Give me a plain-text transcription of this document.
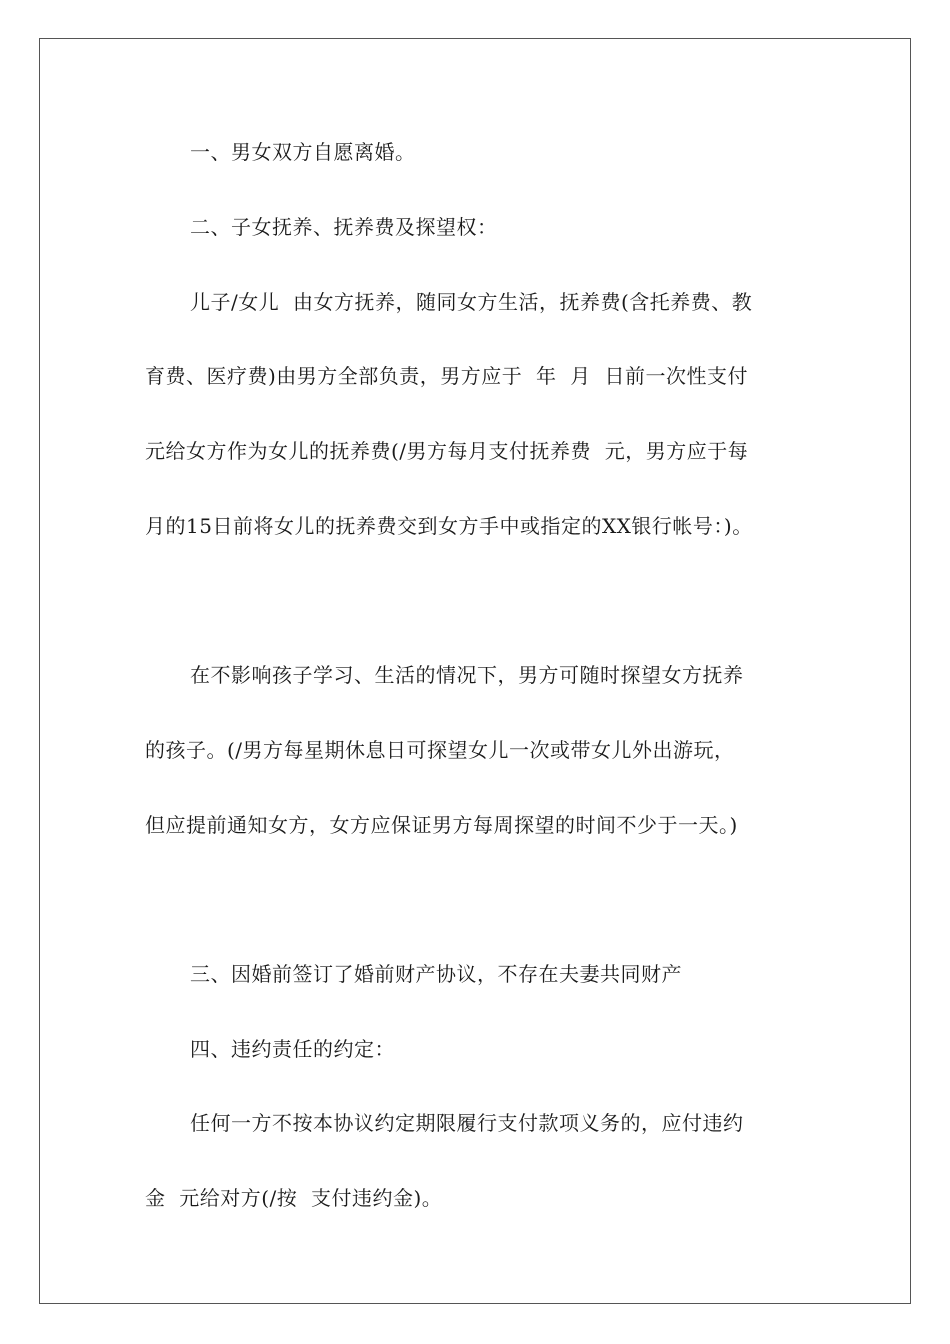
一、男女双方自愿离婚。
二、子女抚养、抚养费及探望权：
儿子/女儿  由女方抚养，随同女方生活，抚养费(含托养费、教
育费、医疗费)由男方全部负责，男方应于  年  月  日前一次性支付
元给女方作为女儿的抚养费(/男方每月支付抚养费  元，男方应于每
月的15日前将女儿的抚养费交到女方手中或指定的XX银行帐号：)。
在不影响孩子学习、生活的情况下，男方可随时探望女方抚养
的孩子。(/男方每星期休息日可探望女儿一次或带女儿外出游玩，
但应提前通知女方，女方应保证男方每周探望的时间不少于一天。)
三、因婚前签订了婚前财产协议，不存在夫妻共同财产
四、违约责任的约定：
任何一方不按本协议约定期限履行支付款项义务的，应付违约
金  元给对方(/按  支付违约金)。
